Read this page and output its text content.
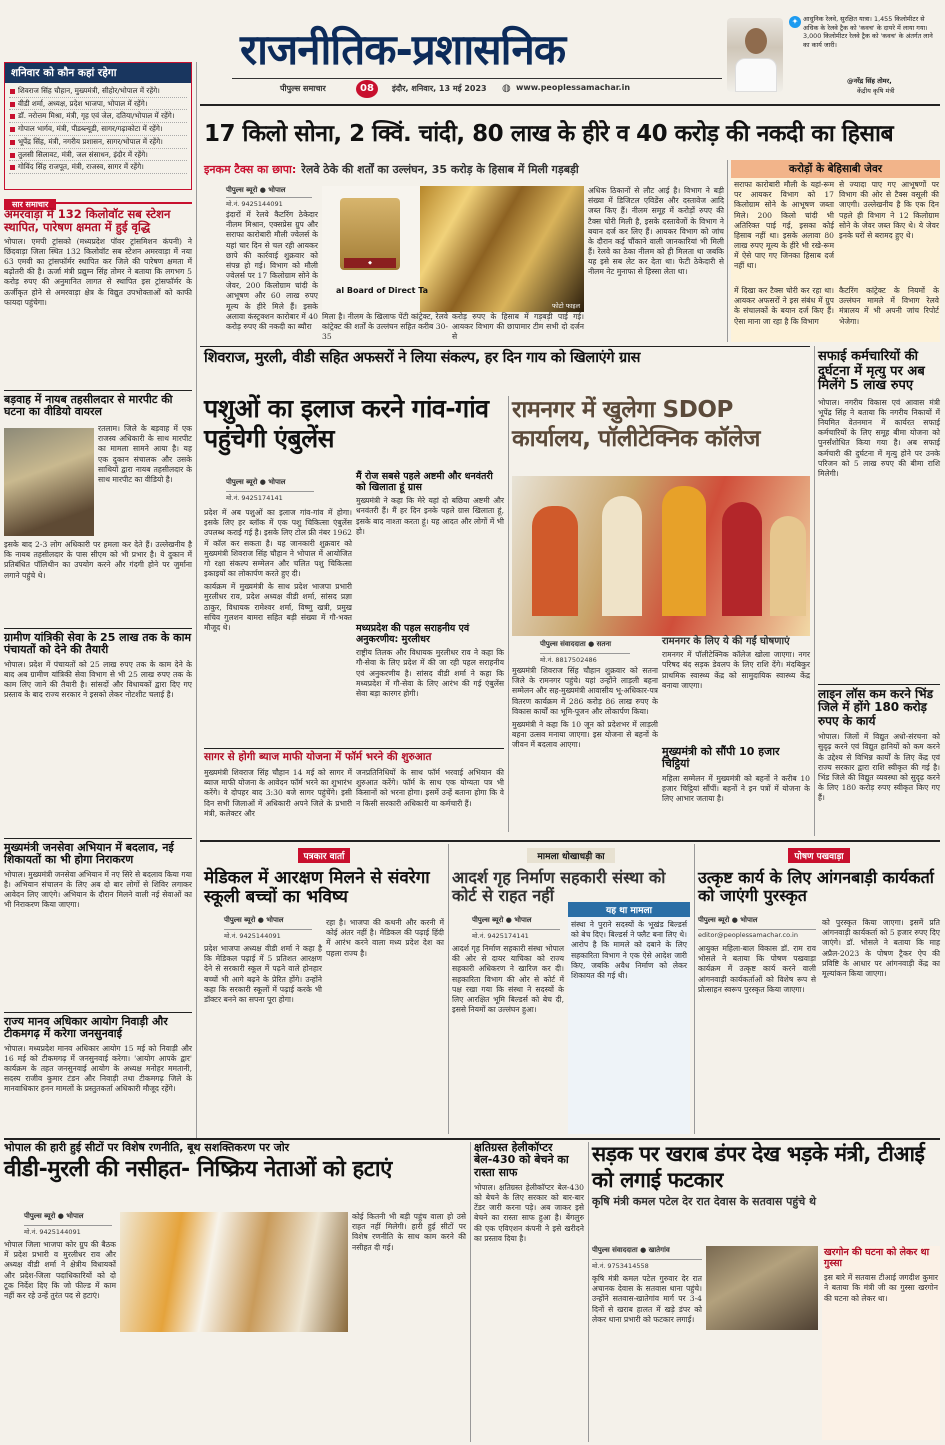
राजनीतिक-प्रशासनिक
पीपुल्स समाचार	08	इंदौर, शनिवार, 13 मई 2023 ◍ www.peoplessamachar.in
✦ आधुनिक रेलवे, सुरक्षित यात्रा। 1,455 किलोमीटर से अधिक के रेलवे ट्रैक को 'कवच' के दायरे में लाया गया। 3,000 किलोमीटर रेलवे ट्रैक को 'कवच' के अंतर्गत लाने का कार्य जारी।
@नरेंद्र सिंह तोमर,
केंद्रीय कृषि मंत्री
शनिवार को कौन कहां रहेगा
शिवराज सिंह चौहान, मुख्यमंत्री, सीहोर/भोपाल में रहेंगे।
वीडी शर्मा, अध्यक्ष, प्रदेश भाजपा, भोपाल में रहेंगे।
डॉ. नरोत्तम मिश्रा, मंत्री, गृह एवं जेल, दतिया/भोपाल में रहेंगे।
गोपाल भार्गव, मंत्री, पीडब्ल्यूडी, सागर/गढ़ाकोटा में रहेंगे।
भूपेंद्र सिंह, मंत्री, नगरीय प्रशासन, सागर/भोपाल में रहेंगे।
तुलसी सिलावट, मंत्री, जल संसाधन, इंदौर में रहेंगे।
गोविंद सिंह राजपूत, मंत्री, राजस्व, सागर में रहेंगे।
सार समाचार
अमरवाड़ा में 132 किलोवॉट सब स्टेशन स्थापित, पारेषण क्षमता में हुई वृद्धि
भोपाल। एमपी ट्रांसको (मध्यप्रदेश पॉवर ट्रांसमिशन कंपनी) ने छिंदवाड़ा जिला स्थित 132 किलोवॉट सब स्टेशन अमरवाड़ा में नया 63 एमवी का ट्रांसफॉर्मर स्थापित कर जिले की पारेषण क्षमता में बढ़ोतरी की है। ऊर्जा मंत्री प्रद्युम्न सिंह तोमर ने बताया कि लगभग 5 करोड़ रुपए की अनुमानित लागत से स्थापित इस ट्रांसफॉर्मर के ऊर्जीकृत होने से अमरवाड़ा क्षेत्र के विद्युत उपभोक्ताओं को काफी फायदा पहुंचेगा।
बड़वाह में नायब तहसीलदार से मारपीट की घटना का वीडियो वायरल
रतलाम। जिले के बड़वाह में एक राजस्व अधिकारी के साथ मारपीट का मामला सामने आया है। यह एक दुकान संचालक और उसके साथियों द्वारा नायब तहसीलदार के साथ मारपीट का वीडियो है।
इसके बाद 2-3 लोग अधिकारी पर हमला कर देते हैं। उल्लेखनीय है कि नायब तहसीलदार के पास सीएम को भी प्रभार है। ये दुकान में प्रतिबंधित पॉलिथीन का उपयोग करने और गंदगी होने पर जुर्माना लगाने पहुंचे थे।
ग्रामीण यांत्रिकी सेवा के 25 लाख तक के काम पंचायतों को देने की तैयारी
भोपाल। प्रदेश में पंचायतों को 25 लाख रुपए तक के काम देने के बाद अब ग्रामीण यांत्रिकी सेवा विभाग से भी 25 लाख रुपए तक के काम लिए जाने की तैयारी है। सांसदों और विधायकों द्वारा दिए गए प्रस्ताव के बाद राज्य सरकार ने इसको लेकर नोटशीट चलाई है।
मुख्यमंत्री जनसेवा अभियान में बदलाव, नई शिकायतों का भी होगा निराकरण
भोपाल। मुख्यमंत्री जनसेवा अभियान में नए सिरे से बदलाव किया गया है। अभियान संचालन के लिए अब दो बार लोगों से शिविर लगाकर आवेदन लिए जाएंगे। अभियान के दौरान मिलने वाली नई सेवाओं का भी निराकरण किया जाएगा।
राज्य मानव अधिकार आयोग निवाड़ी और टीकमगढ़ में करेगा जनसुनवाई
भोपाल। मध्यप्रदेश मानव अधिकार आयोग 15 मई को निवाड़ी और 16 मई को टीकमगढ़ में जनसुनवाई करेगा। 'आयोग आपके द्वार' कार्यक्रम के तहत जनसुनवाई आयोग के अध्यक्ष मनोहर ममतानी, सदस्य राजीव कुमार टंडन और निवाड़ी तथा टीकमगढ़ जिले के मानवाधिकार हनन मामलों के प्रस्तुतकर्ता अधिकारी मौजूद रहेंगे।
17 किलो सोना, 2 क्विं. चांदी, 80 लाख के हीरे व 40 करोड़ की नकदी का हिसाब
इनकम टैक्स का छापा: रेलवे ठेके की शर्तों का उल्लंघन, 35 करोड़ के हिसाब में मिली गड़बड़ी
पीपुल्स ब्यूरो ● भोपाल
मो.नं. 9425144091
इंदारों में रेलवे कैटरिंग ठेकेदार नीलम मिश्रान, एक्सप्रेस ग्रुप और सराफा कारोबारी मौली ज्वेलर्स के यहां चार दिन से चल रही आयकर छापे की कार्रवाई शुक्रवार को संपन्न हो गई। विभाग को मौली ज्वेलर्स पर 17 किलोग्राम सोने के जेवर, 200 किलोग्राम चांदी के आभूषण और 60 लाख रुपए मूल्य के हीरे मिले हैं। इसके अलावा कंस्ट्रक्शन कारोबार में 40 करोड़ रुपए की नकदी का ब्यौरा
◆
al Board of Direct Ta
फोटो फाइल
मिला है। नीलम के खिलाफ पेंटी कांट्रेक्ट, रेलवे कांट्रेक्ट की शर्तों के उल्लंघन सहित करीब 30-35
करोड़ रुपए के हिसाब में गड़बड़ी पाई गई। आयकर विभाग की छापामार टीम सभी दो दर्जन से
अधिक ठिकानों से लौट आई है। विभाग ने बड़ी संख्या में डिजिटल एविडेंस और दस्तावेज आदि जब्त किए हैं। नीलम समूह में करोड़ों रुपए की टैक्स चोरी मिली है, इसके दस्तावेजों के विभाग ने बयान दर्ज कर लिए हैं। आयकर विभाग को जांच के दौरान कई चौंकाने वाली जानकारियां भी मिली हैं। रेलवे का ठेका नीलम को ही मिलता था जबकि यह इसे सब लेट कर देता था। फेटी ठेकेदारी से नीलम नेट मुनाफा से हिस्सा लेता था।
करोड़ों के बेहिसाबी जेवर
सराफा कारोबारी मौली के यहां-रूम पर आयकर विभाग को 17 किलोग्राम सोने के आभूषण जब्ता मिले। 200 किलो चांदी भी अतिरिक्त पाई गई, इसका कोई हिसाब नहीं था। इसके अलावा 80 लाख रुपए मूल्य के हीरे भी रखे-रूम में ऐसे पाए गए जिनका हिसाब दर्ज नहीं था।
में दिखा कर टैक्स चोरी कर रहा था। आयकर अफसरों ने इस संबंध में ग्रुप के संचालकों के बयान दर्ज किए हैं। ऐसा माना जा रहा है कि विभाग
से ज्यादा पाए गए आभूषणों पर विभाग की ओर से टैक्स वसूली की जाएगी। उल्लेखनीय है कि एक दिन पहले ही विभाग ने 12 किलोग्राम सोने के जेवर जब्त किए थे। ये जेवर इनके घरों से बरामद हुए थे।
कैटरिंग कांट्रेक्ट के नियमों के उल्लंघन मामले में विभाग रेलवे मंत्रालय में भी अपनी जांच रिपोर्ट भेजेगा।
शिवराज, मुरली, वीडी सहित अफसरों ने लिया संकल्प, हर दिन गाय को खिलाएंगे ग्रास
पशुओं का इलाज करने गांव-गांव पहुंचेगी एंबुलेंस
पीपुल्स ब्यूरो ● भोपाल
मो.नं. 9425174141

प्रदेश में अब पशुओं का इलाज गांव-गांव में होगा। इसके लिए हर ब्लॉक में एक पशु चिकित्सा एंबुलेंस उपलब्ध कराई गई है। इसके लिए टोल फ्री नंबर 1962 में कॉल कर सकता है। यह जानकारी शुक्रवार को मुख्यमंत्री शिवराज सिंह चौहान ने भोपाल में आयोजित गो रक्षा संकल्प सम्मेलन और चलित पशु चिकित्सा इकाइयों का लोकार्पण करते हुए दी।

कार्यक्रम में मुख्यमंत्री के साथ प्रदेश भाजपा प्रभारी मुरलीधर राव, प्रदेश अध्यक्ष वीडी शर्मा, सांसद प्रज्ञा ठाकुर, विधायक रामेश्वर शर्मा, विष्णु खत्री, प्रमुख सचिव गुलशन बामरा सहित बड़ी संख्या में गौ-भक्त मौजूद थे।

मैं रोज सबसे पहले अष्टमी और धनवंतरी को खिलाता हूं ग्रास
मुख्यमंत्री ने कहा कि मेरे यहां दो बछिया अष्टमी और धनवंतरी हैं। मैं हर दिन इनके पहले ग्रास खिलाता हूं, इसके बाद नाश्ता करता हूं। यह आदत और लोगों में भी हो।
मध्यप्रदेश की पहल सराहनीय एवं अनुकरणीय: मुरलीधर
राष्ट्रीय तिलक और विधायक मुरलीधर राव ने कहा कि गौ-सेवा के लिए प्रदेश में की जा रही पहल सराहनीय एवं अनुकरणीय है। सांसद वीडी शर्मा ने कहा कि मध्यप्रदेश में गौ-सेवा के लिए आरंभ की गई एंबुलेंस सेवा बड़ा कारगर होगी।
सागर से होगी ब्याज माफी योजना में फॉर्म भरने की शुरुआत
मुख्यमंत्री शिवराज सिंह चौहान 14 मई को सागर में ब्याज माफी योजना के आवेदन फॉर्म भरने का शुभारंभ करेंगे। वे दोपहर बाद 3:30 बजे सागर पहुंचेंगे। इसी दिन सभी जिलाओं में अधिकारी अपने जिले के प्रभारी मंत्री, कलेक्टर और
जनप्रतिनिधियों के साथ फॉर्म भरवाई अभियान की शुरुआत करेंगे। फॉर्म के साथ एक योग्यता पत्र भी किसानों को भरना होगा। इसमें उन्हें बताना होगा कि वे न किसी सरकारी अधिकारी या कर्मचारी हैं।
रामनगर में खुलेगा SDOP कार्यालय, पॉलीटेक्निक कॉलेज
पीपुल्स संवाददाता ● सतना
मो.नं. 8817502486

मुख्यमंत्री शिवराज सिंह चौहान शुक्रवार को सतना जिले के रामनगर पहुंचे। यहां उन्होंने लाड़ली बहना सम्मेलन और सह-मुख्यमंत्री आवासीय भू-अधिकार-पत्र वितरण कार्यक्रम में 286 करोड़ 86 लाख रुपए के विकास कार्यों का भूमि-पूजन और लोकार्पण किया।

मुख्यमंत्री ने कहा कि 10 जून को प्रदेशभर में लाड़ली बहना उत्सव मनाया जाएगा। इस योजना से बहनों के जीवन में बदलाव आएगा।

रामनगर के लिए ये की गईं घोषणाएं
रामनगर में पॉलीटेक्निक कॉलेज खोला जाएगा। नगर परिषद बंद सड़क डेवलप के लिए राशि देंगे। मंदबिकुर प्राथमिक स्वास्थ्य केंद्र को सामुदायिक स्वास्थ्य केंद्र बनाया जाएगा।
मुख्यमंत्री को सौंपी 10 हजार चिट्ठियां
महिला सम्मेलन में मुख्यमंत्री को बहनों ने करीब 10 हजार चिट्ठियां सौंपीं। बहनों ने इन पत्रों में योजना के लिए आभार जताया है।
सफाई कर्मचारियों की दुर्घटना में मृत्यु पर अब मिलेंगे 5 लाख रुपए
भोपाल। नगरीय विकास एवं आवास मंत्री भूपेंद्र सिंह ने बताया कि नगरीय निकायों में नियमित वेतनमान में कार्यरत सफाई कर्मचारियों के लिए समूह बीमा योजना को पुनर्संशोधित किया गया है। अब सफाई कर्मचारी की दुर्घटना में मृत्यु होने पर उनके परिजन को 5 लाख रुपए की बीमा राशि मिलेगी।
लाइन लॉस कम करने भिंड जिले में होंगे 180 करोड़ रुपए के कार्य
भोपाल। जिलों में विद्युत अधो-संरचना को सुदृढ़ करने एवं विद्युत हानियों को कम करने के उद्देश्य से विभिन्न कार्यों के लिए केंद्र एवं राज्य सरकार द्वारा राशि स्वीकृत की गई है। भिंड जिले की विद्युत व्यवस्था को सुदृढ़ करने के लिए 180 करोड़ रुपए स्वीकृत किए गए हैं।
पत्रकार वार्ता
मेडिकल में आरक्षण मिलने से संवरेगा स्कूली बच्चों का भविष्य
पीपुल्स ब्यूरो ● भोपाल
मो.नं. 9425144091
प्रदेश भाजपा अध्यक्ष वीडी शर्मा ने कहा है कि मेडिकल पढ़ाई में 5 प्रतिशत आरक्षण देने से सरकारी स्कूल में पढ़ने वाले होनहार बच्चों भी आगे बढ़ने के प्रेरित होंगे। उन्होंने कहा कि सरकारी स्कूलों में पढ़ाई करके भी डॉक्टर बनने का सपना पूरा होगा।
रहा है। भाजपा की कथनी और करनी में कोई अंतर नहीं है। मेडिकल की पढ़ाई हिंदी में आरंभ करने वाला मध्य प्रदेश देश का पहला राज्य है।
मामला धोखाधड़ी का
आदर्श गृह निर्माण सहकारी संस्था को कोर्ट से राहत नहीं
पीपुल्स ब्यूरो ● भोपाल
मो.नं. 9425174141
आदर्श गृह निर्माण सहकारी संस्था भोपाल की ओर से दायर याचिका को राज्य सहकारी अधिकरण ने खारिज कर दी। सहकारिता विभाग की ओर से कोर्ट में पक्ष रखा गया कि संस्था ने सदस्यों के लिए आरक्षित भूमि बिल्डर्स को बेच दी, इससे नियमों का उल्लंघन हुआ।
यह था मामला
संस्था ने पुराने सदस्यों के भूखंड बिल्डर्स को बेच दिए। बिल्डर्स ने फ्लैट बना लिए थे। आरोप है कि मामले को दबाने के लिए सहकारिता विभाग ने एक ऐसे आदेश जारी किए, जबकि अवैध निर्माण को लेकर शिकायत की गई थी।
पोषण पखवाड़ा
उत्कृष्ट कार्य के लिए आंगनबाड़ी कार्यकर्ता को जाएंगी पुरस्कृत
पीपुल्स ब्यूरो ● भोपाल
editor@peoplessamachar.co.in
आयुक्त महिला-बाल विकास डॉ. राम राव भोसले ने बताया कि पोषण पखवाड़ा कार्यक्रम में उत्कृष्ट कार्य करने वाली आंगनवाड़ी कार्यकर्ताओं को विशेष रूप से प्रोत्साहन स्वरूप पुरस्कृत किया जाएगा।
को पुरस्कृत किया जाएगा। इसमें प्रति आंगनवाड़ी कार्यकर्ता को 5 हजार रुपए दिए जाएंगे। डॉ. भोसले ने बताया कि माह अप्रैल-2023 के पोषण ट्रैकर ऐप की प्रविष्टि के आधार पर आंगनवाड़ी केंद्र का मूल्यांकन किया जाएगा।
भोपाल की हारी हुई सीटों पर विशेष रणनीति, बूथ सशक्तिकरण पर जोर
वीडी-मुरली की नसीहत- निष्क्रिय नेताओं को हटाएं
पीपुल्स ब्यूरो ● भोपाल
मो.नं. 9425144091
भोपाल जिला भाजपा कोर ग्रुप की बैठक में प्रदेश प्रभारी व मुरलीधर राव और अध्यक्ष वीडी शर्मा ने क्षेत्रीय विधायकों और प्रदेश-जिला पदाधिकारियों को दो टूक निर्देश दिए कि जो फील्ड में काम नहीं कर रहे उन्हें तुरंत पद से हटाएं।
कोई कितनी भी बड़ी पहुंच वाला हो उसे राहत नहीं मिलेगी। हारी हुई सीटों पर विशेष रणनीति के साथ काम करने की नसीहत दी गई।
क्षतिग्रस्त हेलीकॉप्टर बेल-430 को बेचने का रास्ता साफ
भोपाल। क्षतिग्रस्त हेलीकॉप्टर बेल-430 को बेचने के लिए सरकार को बार-बार टेंडर जारी करना पड़े। अब जाकर इसे बेचने का रास्ता साफ हुआ है। बेंगलुरु की एक एविएशन कंपनी ने इसे खरीदने का प्रस्ताव दिया है।
सड़क पर खराब डंपर देख भड़के मंत्री, टीआई को लगाई फटकार
कृषि मंत्री कमल पटेल देर रात देवास के सतवास पहुंचे थे
पीपुल्स संवाददाता ● खातेगांव
मो.नं. 9753414558
कृषि मंत्री कमल पटेल गुरुवार देर रात अचानक देवास के सतवास थाना पहुंचे। उन्होंने सतवास-खातेगांव मार्ग पर 3-4 दिनों से खराब हालत में खड़े डंपर को लेकर थाना प्रभारी को फटकार लगाई।
खरगोन की घटना को लेकर था गुस्सा
इस बारे में सतवास टीआई जगदीश कुमार ने बताया कि मंत्री जी का गुस्सा खरगोन की घटना को लेकर था।
